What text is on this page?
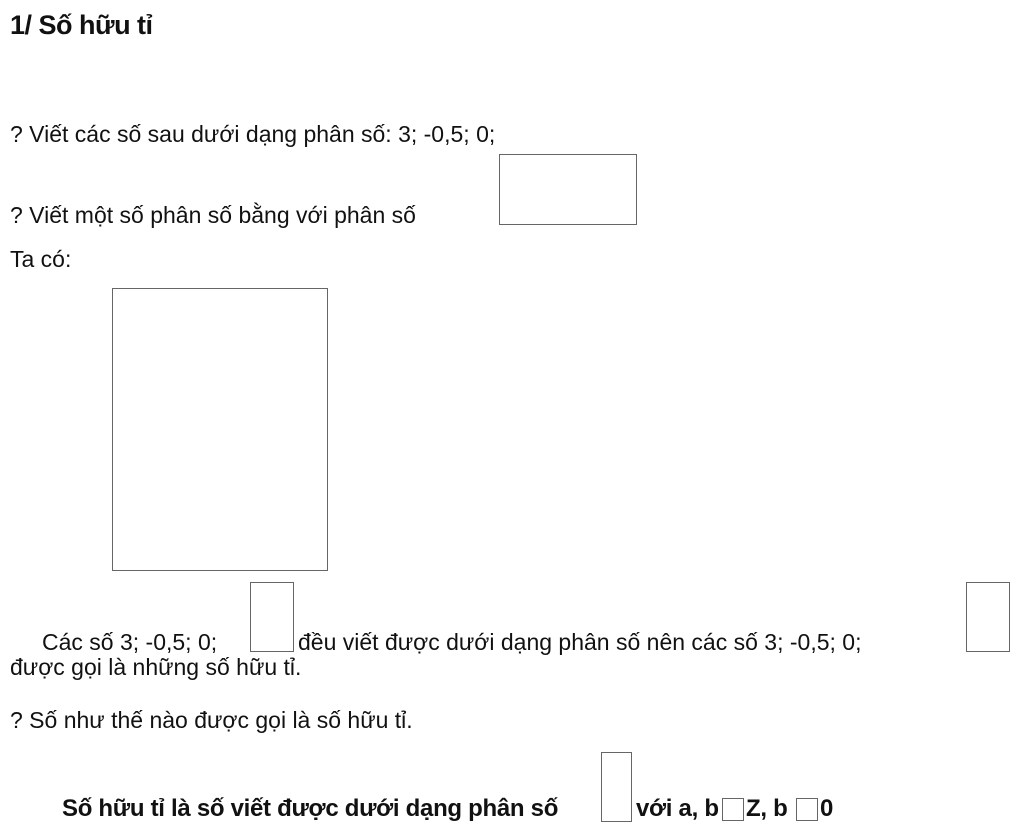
1/ Số hữu tỉ
? Viết các số sau dưới dạng phân số: 3; -0,5; 0;
? Viết một số phân số bằng với phân số
Ta có:
Các số 3; -0,5; 0;	đều viết được dưới dạng phân số nên các số 3; -0,5; 0;
được gọi là những số hữu tỉ.
? Số như thế nào được gọi là số hữu tỉ.
Số hữu tỉ là số viết được dưới dạng phân số	với a, b Z, b 0
